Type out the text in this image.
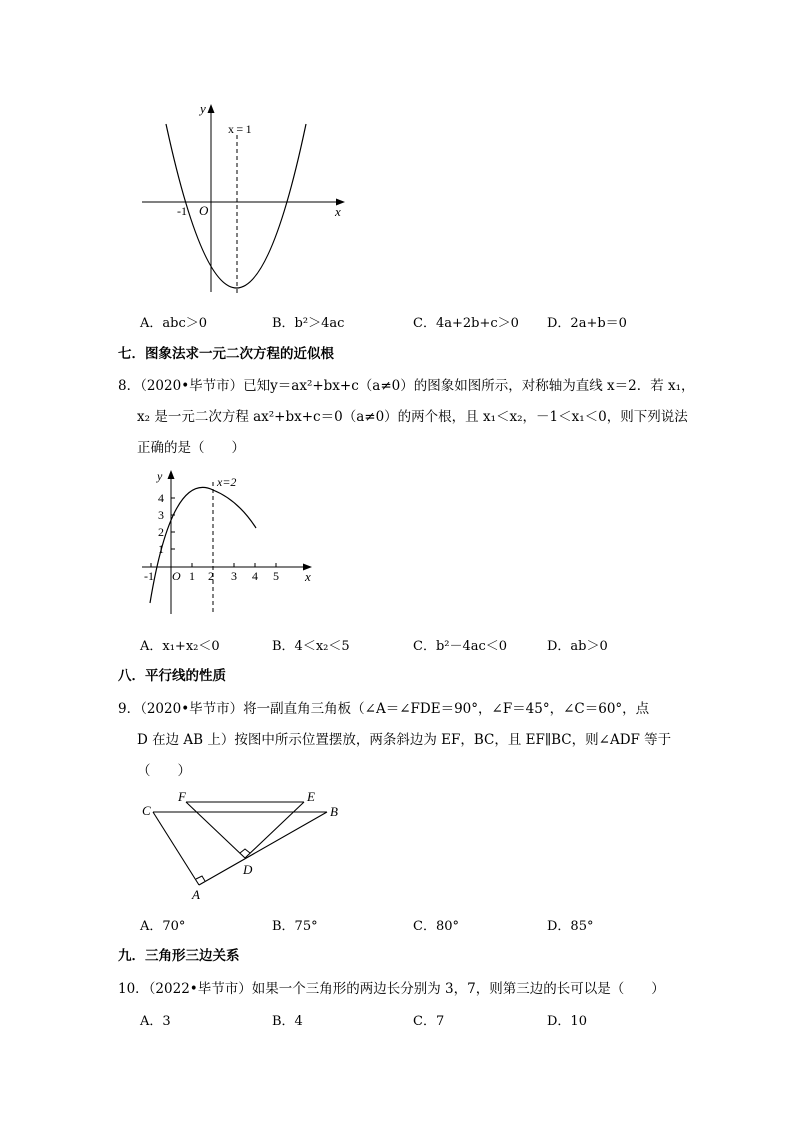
y
x
x = 1
-1 O
A．abc＞0	B．b²＞4ac	C．4a+2b+c＞0 D．2a+b＝0
七．图象法求一元二次方程的近似根
8．（2020•毕节市）已知y＝ax²+bx+c（a≠0）的图象如图所示，对称轴为直线 x＝2．若 x₁，
x₂ 是一元二次方程 ax²+bx+c＝0（a≠0）的两个根，且 x₁＜x₂，－1＜x₁＜0，则下列说法
正确的是（　　）
y
x
x=2
4
3
2
1
-1 O 1 2 3 4 5
A．x₁+x₂＜0	B．4＜x₂＜5	C．b²－4ac＜0	D．ab＞0
八．平行线的性质
9．（2020•毕节市）将一副直角三角板（∠A＝∠FDE＝90°，∠F＝45°，∠C＝60°，点
D 在边 AB 上）按图中所示位置摆放，两条斜边为 EF，BC，且 EF∥BC，则∠ADF 等于
（　　）
F	E
C	B
D
A
A．70°	B．75°	C．80°	D．85°
九．三角形三边关系
10．（2022•毕节市）如果一个三角形的两边长分别为 3，7，则第三边的长可以是（　　）
A．3	B．4	C．7	D．10
